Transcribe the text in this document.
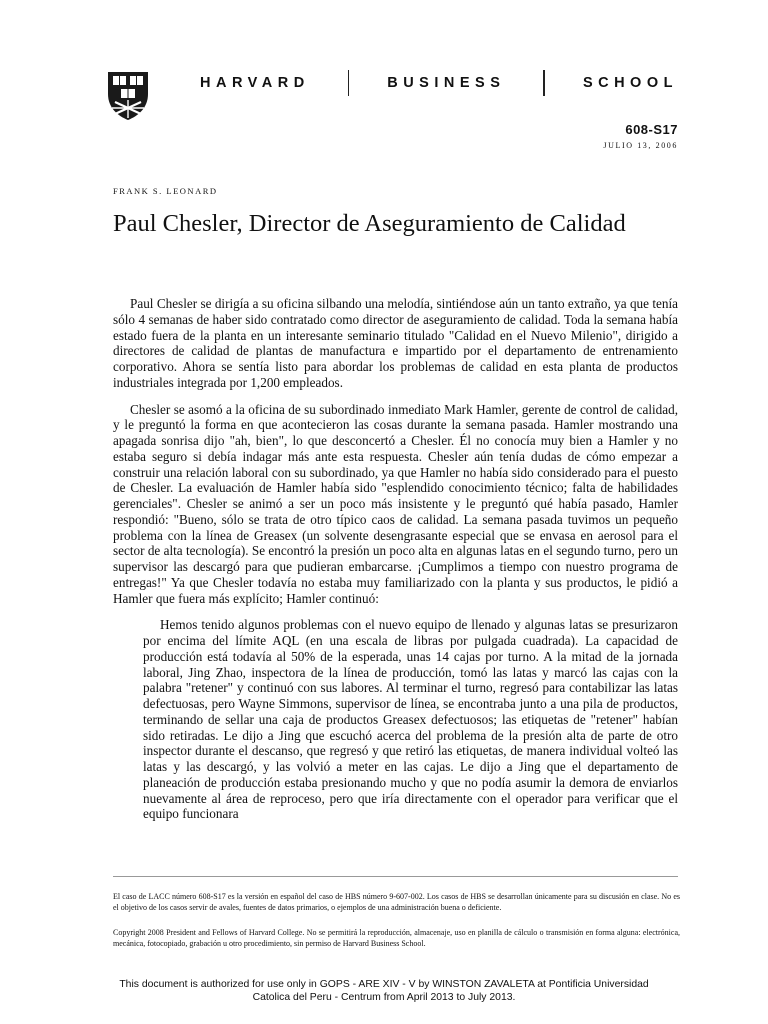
HARVARD	BUSINESS	SCHOOL
608-S17
JULIO 13, 2006
FRANK S. LEONARD
Paul Chesler, Director de Aseguramiento de Calidad

Paul Chesler se dirigía a su oficina silbando una melodía, sintiéndose aún un tanto extraño, ya que tenía sólo 4 semanas de haber sido contratado como director de aseguramiento de calidad. Toda la semana había estado fuera de la planta en un interesante seminario titulado "Calidad en el Nuevo Milenio", dirigido a directores de calidad de plantas de manufactura e impartido por el departamento de entrenamiento corporativo. Ahora se sentía listo para abordar los problemas de calidad en esta planta de productos industriales integrada por 1,200 empleados.

Chesler se asomó a la oficina de su subordinado inmediato Mark Hamler, gerente de control de calidad, y le preguntó la forma en que acontecieron las cosas durante la semana pasada. Hamler mostrando una apagada sonrisa dijo "ah, bien", lo que desconcertó a Chesler. Él no conocía muy bien a Hamler y no estaba seguro si debía indagar más ante esta respuesta. Chesler aún tenía dudas de cómo empezar a construir una relación laboral con su subordinado, ya que Hamler no había sido considerado para el puesto de Chesler. La evaluación de Hamler había sido "esplendido conocimiento técnico; falta de habilidades gerenciales". Chesler se animó a ser un poco más insistente y le preguntó qué había pasado, Hamler respondió: "Bueno, sólo se trata de otro típico caos de calidad. La semana pasada tuvimos un pequeño problema con la línea de Greasex (un solvente desengrasante especial que se envasa en aerosol para el sector de alta tecnología). Se encontró la presión un poco alta en algunas latas en el segundo turno, pero un supervisor las descargó para que pudieran embarcarse. ¡Cumplimos a tiempo con nuestro programa de entregas!" Ya que Chesler todavía no estaba muy familiarizado con la planta y sus productos, le pidió a Hamler que fuera más explícito; Hamler continuó:

Hemos tenido algunos problemas con el nuevo equipo de llenado y algunas latas se presurizaron por encima del límite AQL (en una escala de libras por pulgada cuadrada). La capacidad de producción está todavía al 50% de la esperada, unas 14 cajas por turno. A la mitad de la jornada laboral, Jing Zhao, inspectora de la línea de producción, tomó las latas y marcó las cajas con la palabra "retener" y continuó con sus labores. Al terminar el turno, regresó para contabilizar las latas defectuosas, pero Wayne Simmons, supervisor de línea, se encontraba junto a una pila de productos, terminando de sellar una caja de productos Greasex defectuosos; las etiquetas de "retener" habían sido retiradas. Le dijo a Jing que escuchó acerca del problema de la presión alta de parte de otro inspector durante el descanso, que regresó y que retiró las etiquetas, de manera individual volteó las latas y las descargó, y las volvió a meter en las cajas. Le dijo a Jing que el departamento de planeación de producción estaba presionando mucho y que no podía asumir la demora de enviarlos nuevamente al área de reproceso, pero que iría directamente con el operador para verificar que el equipo funcionara

El caso de LACC número 608-S17 es la versión en español del caso de HBS número 9-607-002. Los casos de HBS se desarrollan únicamente para su discusión en clase. No es el objetivo de los casos servir de avales, fuentes de datos primarios, o ejemplos de una administración buena o deficiente.

Copyright 2008 President and Fellows of Harvard College. No se permitirá la reproducción, almacenaje, uso en planilla de cálculo o transmisión en forma alguna: electrónica, mecánica, fotocopiado, grabación u otro procedimiento, sin permiso de Harvard Business School.

This document is authorized for use only in GOPS - ARE XIV - V by WINSTON ZAVALETA at Pontificia Universidad
Catolica del Peru - Centrum from April 2013 to July 2013.
